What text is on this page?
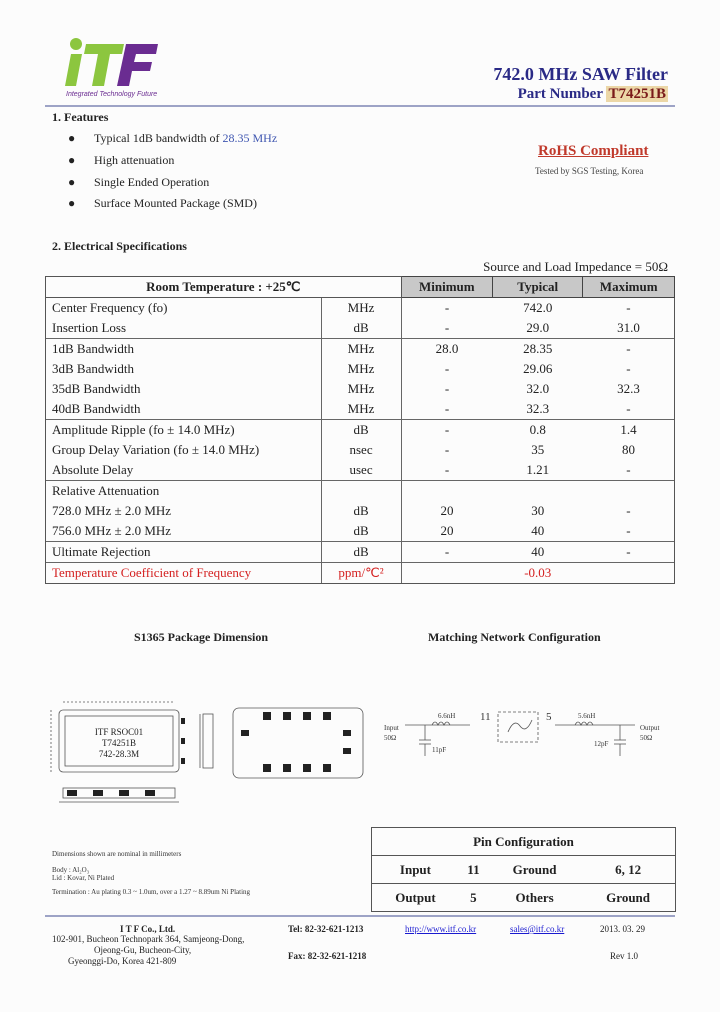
Integrated Technology Future
742.0 MHz SAW Filter
Part Number T74251B
1. Features
● Typical 1dB bandwidth of 28.35 MHz
● High attenuation
● Single Ended Operation
● Surface Mounted Package (SMD)
RoHS Compliant
Tested by SGS Testing, Korea
2. Electrical Specifications
Source and Load Impedance = 50Ω
Room Temperature : +25℃		Minimum	Typical	Maximum
Center Frequency (fo)	MHz	-	742.0	-
Insertion Loss	dB	-	29.0	31.0
1dB Bandwidth	MHz	28.0	28.35	-
3dB Bandwidth	MHz	-	29.06	-
35dB Bandwidth	MHz	-	32.0	32.3
40dB Bandwidth	MHz	-	32.3	-
Amplitude Ripple (fo ± 14.0 MHz)	dB	-	0.8	1.4
Group Delay Variation (fo ± 14.0 MHz)	nsec	-	35	80
Absolute Delay	usec	-	1.21	-
Relative Attenuation				
728.0 MHz ± 2.0 MHz	dB	20	30	-
756.0 MHz ± 2.0 MHz	dB	20	40	-
Ultimate Rejection	dB	-	40	-
Temperature Coefficient of Frequency	ppm/℃²	-0.03		
S1365 Package Dimension	Matching Network Configuration
ITF RSOC01
T74251B
742-28.3M
Input
50Ω
6.6nH
11pF
11	5	5.6nH
12pF
Output
50Ω
Dimensions shown are nominal in millimeters
Body : Al₂O₃
Lid : Kovar, Ni Plated
Termination : Au plating 0.3 ~ 1.0um, over a 1.27 ~ 8.89um Ni Plating
Pin Configuration			
Input	11	Ground	6, 12
Output	5	Others	Ground
I T F Co., Ltd.
102-901, Bucheon Technopark 364, Samjeong-Dong,
Ojeong-Gu, Bucheon-City,
Gyeonggi-Do, Korea 421-809
Tel: 82-32-621-1213
Fax: 82-32-621-1218
http://www.itf.co.kr	sales@itf.co.kr	2013. 03. 29
Rev 1.0
